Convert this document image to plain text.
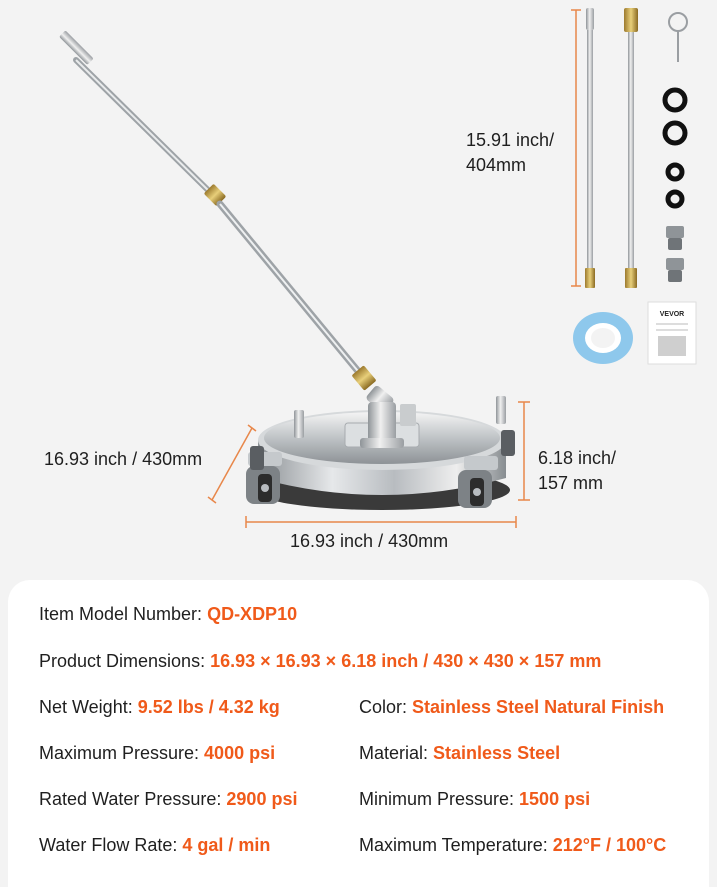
VEVOR
15.91 inch/
404mm
16.93 inch / 430mm
16.93 inch / 430mm
6.18 inch/
157 mm
Item Model Number: QD-XDP10
Product Dimensions: 16.93 × 16.93 × 6.18 inch / 430 × 430 × 157 mm
Net Weight: 9.52 lbs / 4.32 kg	Color: Stainless Steel Natural Finish
Maximum Pressure: 4000 psi	Material: Stainless Steel
Rated Water Pressure: 2900 psi	Minimum Pressure: 1500 psi
Water Flow Rate: 4 gal / min	Maximum Temperature: 212°F / 100°C
